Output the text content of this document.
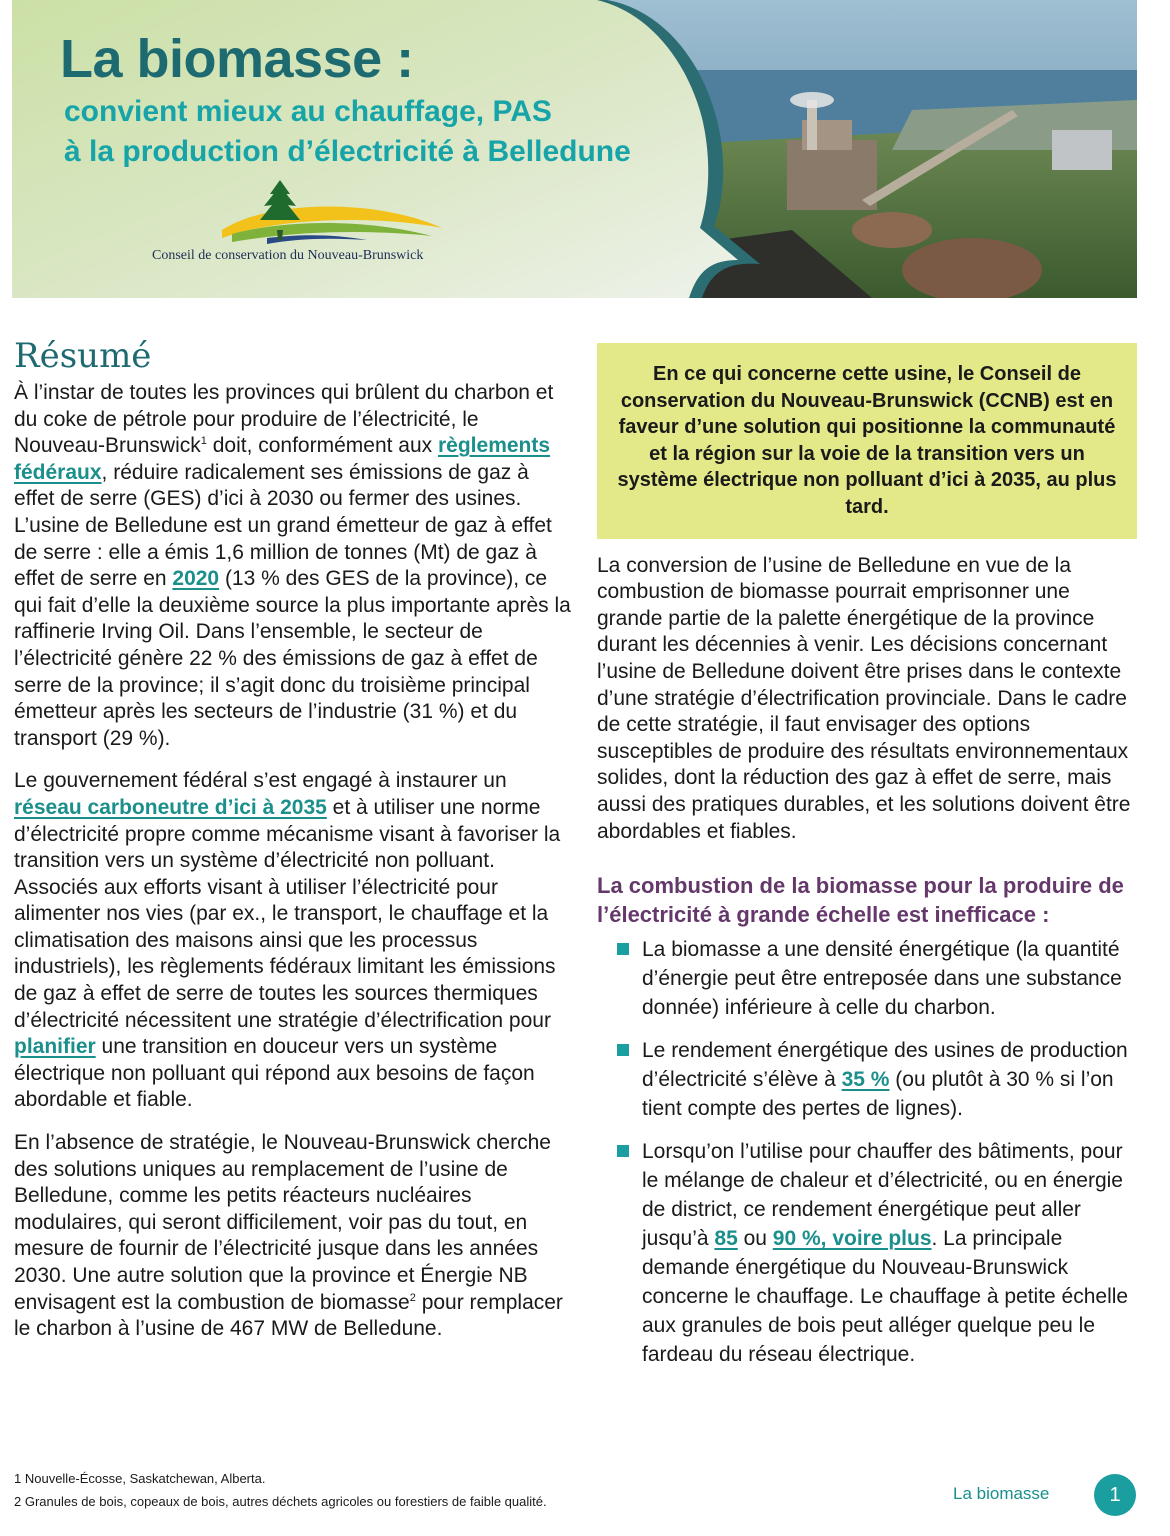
La biomasse :

convient mieux au chauffage, PAS

à la production d’électricité à Belledune

Conseil de conservation du Nouveau-Brunswick
Résumé

À l’instar de toutes les provinces qui brûlent du charbon et du coke de pétrole pour produire de l’électricité, le Nouveau-Brunswick$^1$ doit, conformément aux règlements fédéraux, réduire radicalement ses émissions de gaz à effet de serre (GES) d’ici à 2030 ou fermer des usines. L’usine de Belledune est un grand émetteur de gaz à effet de serre : elle a émis 1,6 million de tonnes (Mt) de gaz à effet de serre en 2020 (13 % des GES de la province), ce qui fait d’elle la deuxième source la plus importante après la raffinerie Irving Oil. Dans l’ensemble, le secteur de l’électricité génère 22 % des émissions de gaz à effet de serre de la province; il s’agit donc du troisième principal émetteur après les secteurs de l’industrie (31 %) et du transport (29 %).

Le gouvernement fédéral s’est engagé à instaurer un réseau carboneutre d’ici à 2035 et à utiliser une norme d’électricité propre comme mécanisme visant à favoriser la transition vers un système d’électricité non polluant. Associés aux efforts visant à utiliser l’électricité pour alimenter nos vies (par ex., le transport, le chauffage et la climatisation des maisons ainsi que les processus industriels), les règlements fédéraux limitant les émissions de gaz à effet de serre de toutes les sources thermiques d’électricité nécessitent une stratégie d’électrification pour planifier une transition en douceur vers un système électrique non polluant qui répond aux besoins de façon abordable et fiable.

En l’absence de stratégie, le Nouveau-Brunswick cherche des solutions uniques au remplacement de l’usine de Belledune, comme les petits réacteurs nucléaires modulaires, qui seront difficilement, voir pas du tout, en mesure de fournir de l’électricité jusque dans les années 2030. Une autre solution que la province et Énergie NB envisagent est la combustion de biomasse$^2$ pour remplacer le charbon à l’usine de 467 MW de Belledune.

En ce qui concerne cette usine, le Conseil de conservation du Nouveau-Brunswick (CCNB) est en faveur d’une solution qui positionne la communauté et la région sur la voie de la transition vers un système électrique non polluant d’ici à 2035, au plus tard.

La conversion de l’usine de Belledune en vue de la combustion de biomasse pourrait emprisonner une grande partie de la palette énergétique de la province durant les décennies à venir. Les décisions concernant l’usine de Belledune doivent être prises dans le contexte d’une stratégie d’électrification provinciale. Dans le cadre de cette stratégie, il faut envisager des options susceptibles de produire des résultats environnementaux solides, dont la réduction des gaz à effet de serre, mais aussi des pratiques durables, et les solutions doivent être abordables et fiables.

La combustion de la biomasse pour la produire de l’électricité à grande échelle est inefficace :
La biomasse a une densité énergétique (la quantité d’énergie peut être entreposée dans une substance donnée) inférieure à celle du charbon.
Le rendement énergétique des usines de production d’électricité s’élève à 35 % (ou plutôt à 30 % si l’on tient compte des pertes de lignes).
Lorsqu’on l’utilise pour chauffer des bâtiments, pour le mélange de chaleur et d’électricité, ou en énergie de district, ce rendement énergétique peut aller jusqu’à 85 ou 90 %, voire plus. La principale demande énergétique du Nouveau-Brunswick concerne le chauffage. Le chauffage à petite échelle aux granules de bois peut alléger quelque peu le fardeau du réseau électrique.

1 Nouvelle-Écosse, Saskatchewan, Alberta.

2 Granules de bois, copeaux de bois, autres déchets agricoles ou forestiers de faible qualité.	La biomasse	1
